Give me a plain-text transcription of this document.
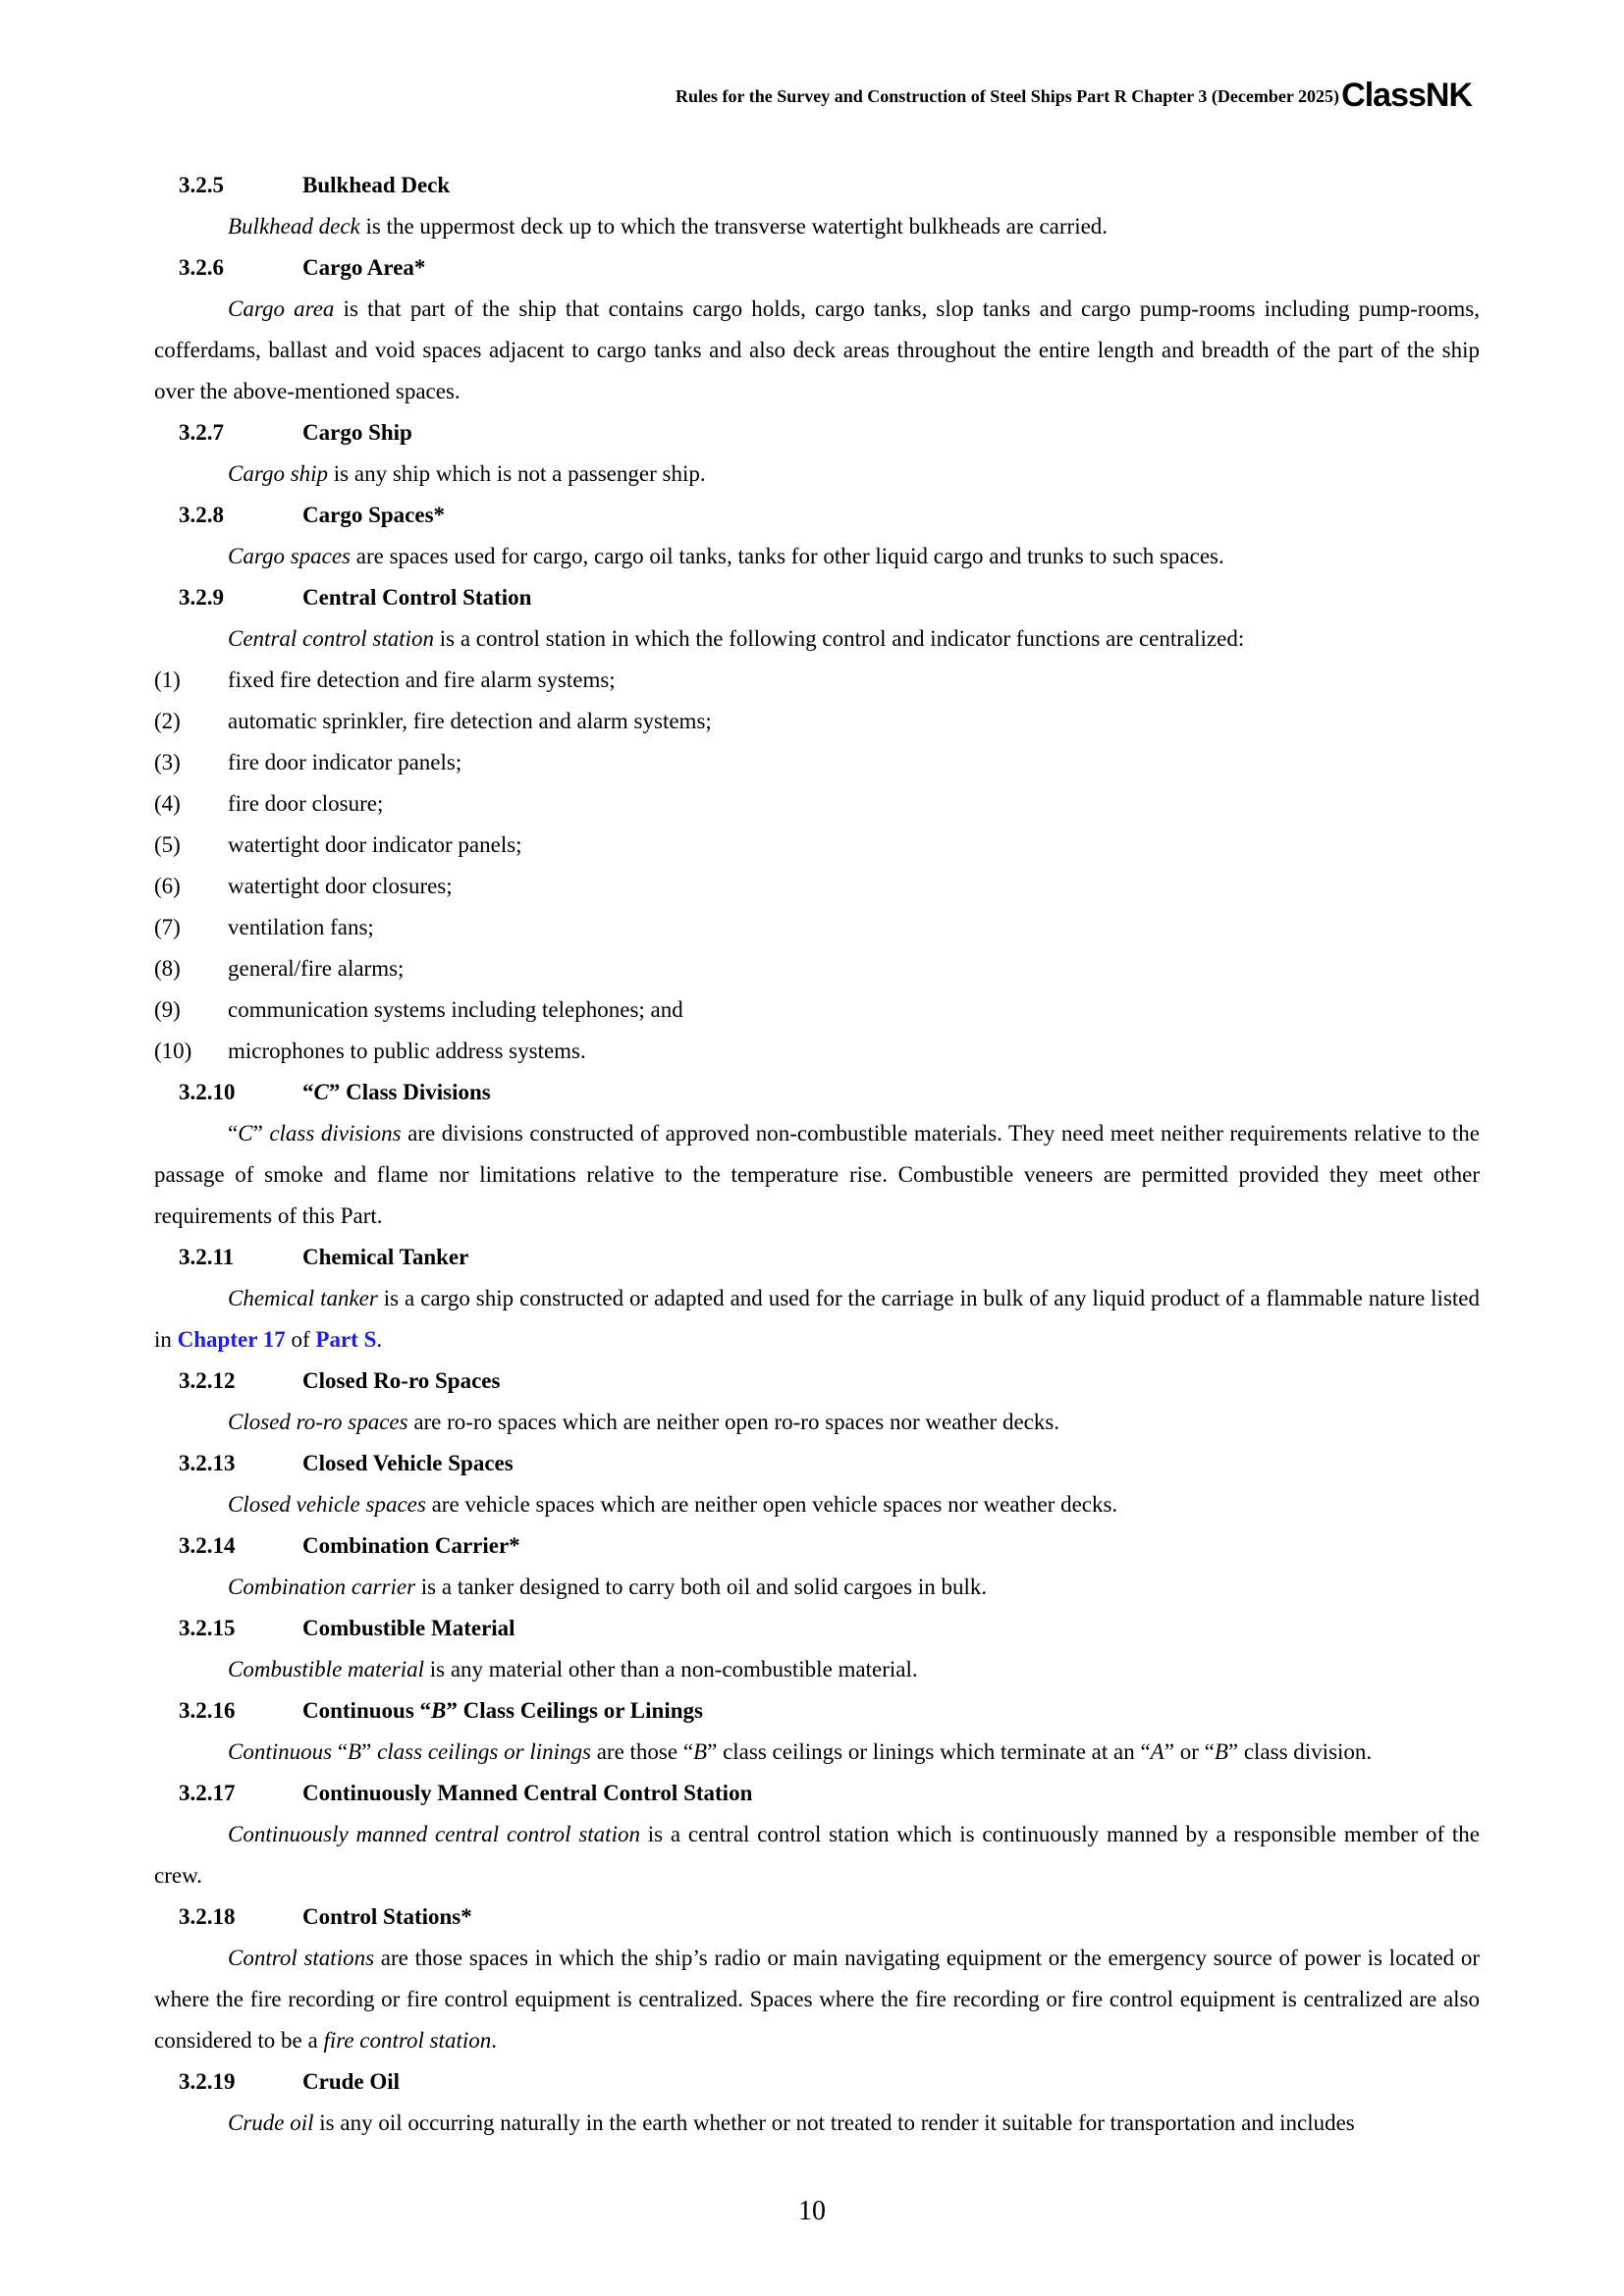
Rules for the Survey and Construction of Steel Ships Part R Chapter 3 (December 2025) ClassNK
3.2.5	Bulkhead Deck

Bulkhead deck is the uppermost deck up to which the transverse watertight bulkheads are carried.

3.2.6	Cargo Area*

Cargo area is that part of the ship that contains cargo holds, cargo tanks, slop tanks and cargo pump-rooms including pump-rooms, cofferdams, ballast and void spaces adjacent to cargo tanks and also deck areas throughout the entire length and breadth of the part of the ship over the above-mentioned spaces.

3.2.7	Cargo Ship

Cargo ship is any ship which is not a passenger ship.

3.2.8	Cargo Spaces*

Cargo spaces are spaces used for cargo, cargo oil tanks, tanks for other liquid cargo and trunks to such spaces.

3.2.9	Central Control Station

Central control station is a control station in which the following control and indicator functions are centralized:

(1)	fixed fire detection and fire alarm systems;
(2)	automatic sprinkler, fire detection and alarm systems;
(3)	fire door indicator panels;
(4)	fire door closure;
(5)	watertight door indicator panels;
(6)	watertight door closures;
(7)	ventilation fans;
(8)	general/fire alarms;
(9)	communication systems including telephones; and
(10)	microphones to public address systems.
3.2.10	“C” Class Divisions

“C” class divisions are divisions constructed of approved non-combustible materials. They need meet neither requirements relative to the passage of smoke and flame nor limitations relative to the temperature rise. Combustible veneers are permitted provided they meet other requirements of this Part.

3.2.11	Chemical Tanker

Chemical tanker is a cargo ship constructed or adapted and used for the carriage in bulk of any liquid product of a flammable nature listed in Chapter 17 of Part S.

3.2.12	Closed Ro-ro Spaces

Closed ro-ro spaces are ro-ro spaces which are neither open ro-ro spaces nor weather decks.

3.2.13	Closed Vehicle Spaces

Closed vehicle spaces are vehicle spaces which are neither open vehicle spaces nor weather decks.

3.2.14	Combination Carrier*

Combination carrier is a tanker designed to carry both oil and solid cargoes in bulk.

3.2.15	Combustible Material

Combustible material is any material other than a non-combustible material.

3.2.16	Continuous “B” Class Ceilings or Linings

Continuous “B” class ceilings or linings are those “B” class ceilings or linings which terminate at an “A” or “B” class division.

3.2.17	Continuously Manned Central Control Station

Continuously manned central control station is a central control station which is continuously manned by a responsible member of the crew.

3.2.18	Control Stations*

Control stations are those spaces in which the ship’s radio or main navigating equipment or the emergency source of power is located or where the fire recording or fire control equipment is centralized. Spaces where the fire recording or fire control equipment is centralized are also considered to be a fire control station.

3.2.19	Crude Oil

Crude oil is any oil occurring naturally in the earth whether or not treated to render it suitable for transportation and includes

10
